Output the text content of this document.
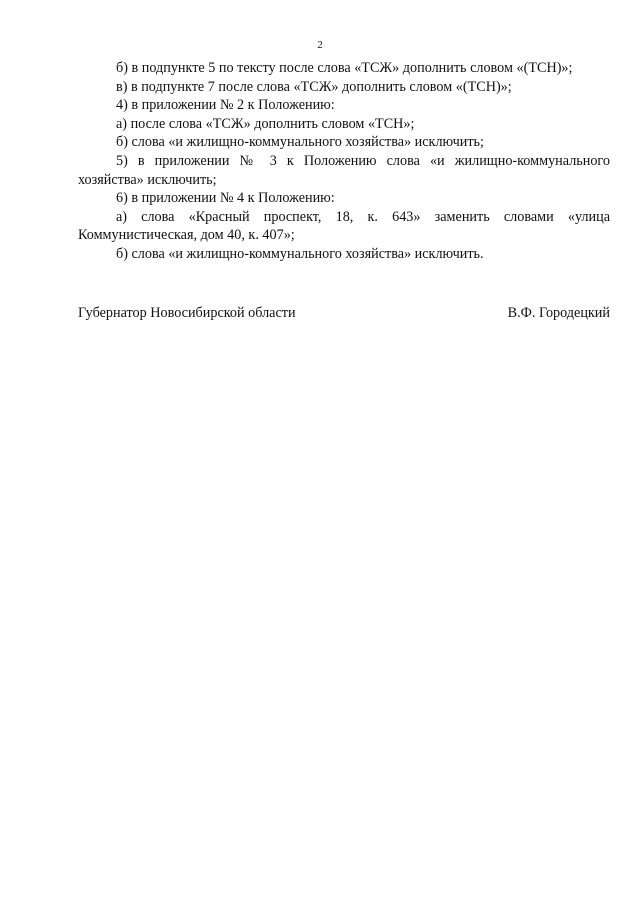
2

б) в подпункте 5 по тексту после слова «ТСЖ» дополнить словом «(ТСН)»;

в) в подпункте 7 после слова «ТСЖ» дополнить словом «(ТСН)»;

4) в приложении № 2 к Положению:

а) после слова «ТСЖ» дополнить словом «ТСН»;

б) слова «и жилищно-коммунального хозяйства» исключить;

5) в приложении № 3 к Положению слова «и жилищно-коммунального хозяйства» исключить;

6) в приложении № 4 к Положению:

а) слова «Красный проспект, 18, к. 643» заменить словами «улица Коммунистическая, дом 40, к. 407»;

б) слова «и жилищно-коммунального хозяйства» исключить.

Губернатор Новосибирской области	В.Ф. Городецкий
